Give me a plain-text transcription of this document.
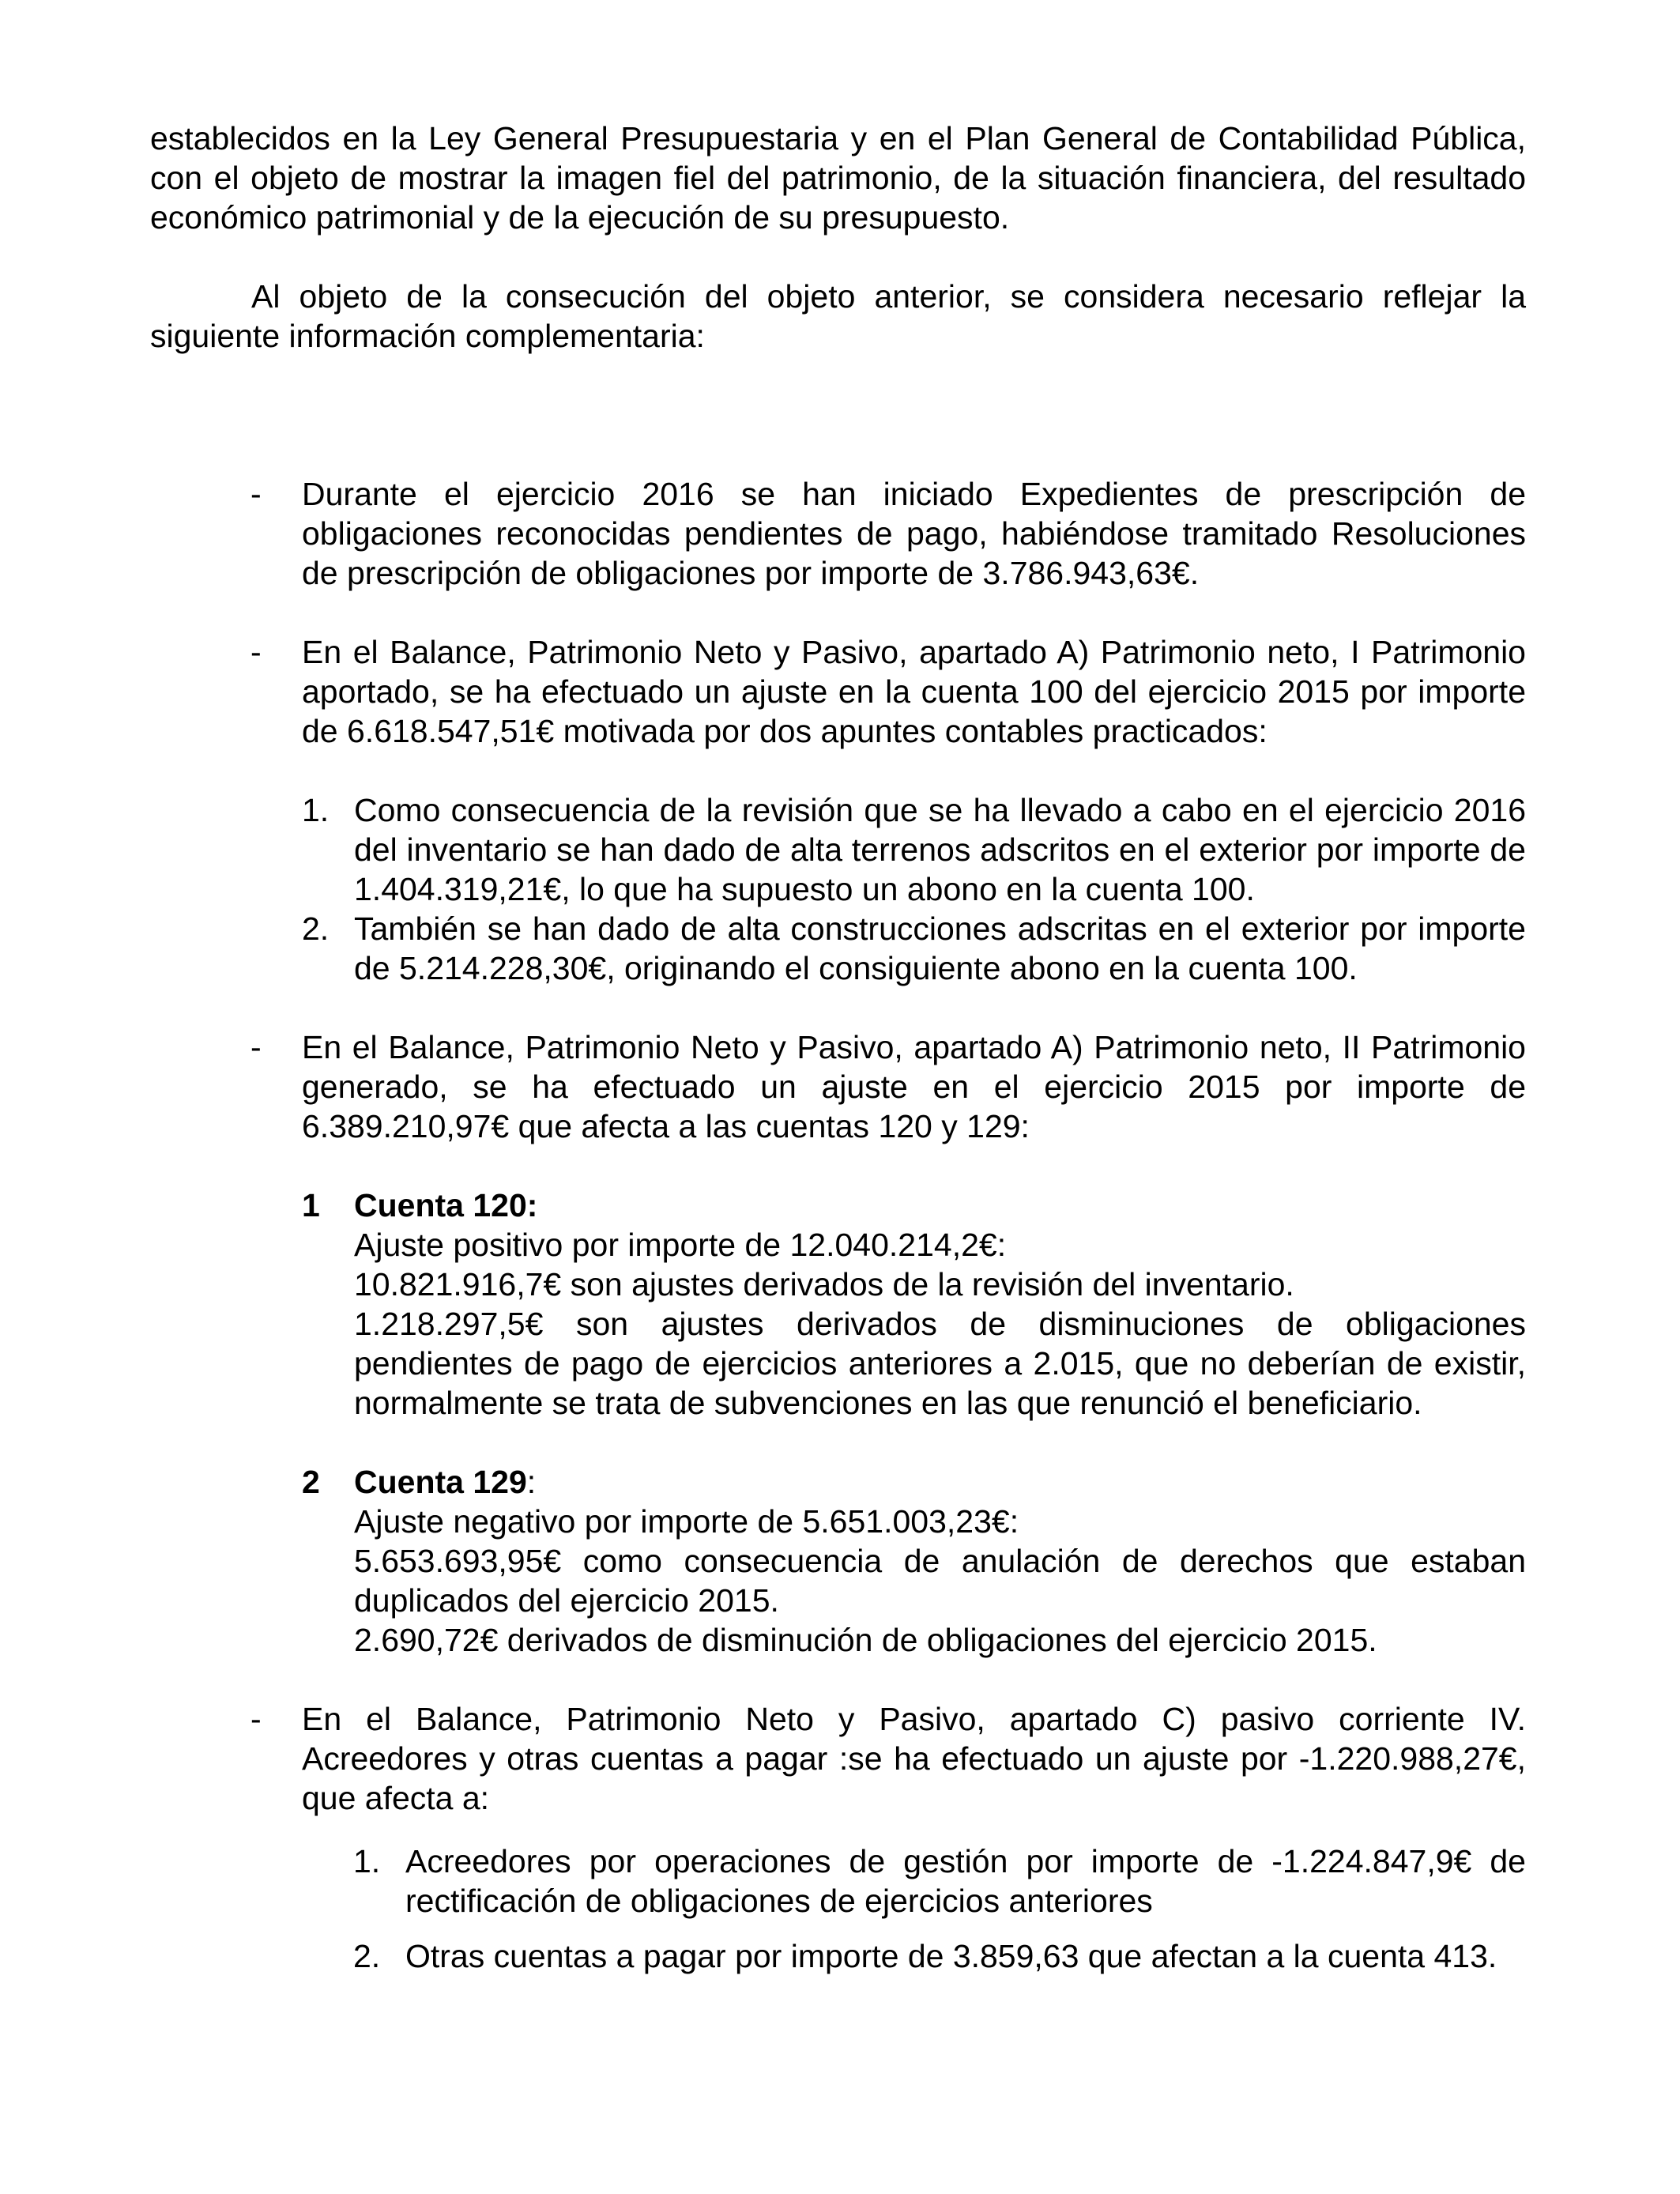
establecidos en la Ley General Presupuestaria y en el Plan General de Contabilidad Pública, con el objeto de mostrar la imagen fiel del patrimonio, de la situación financiera, del resultado económico patrimonial y de la ejecución de su presupuesto.

Al objeto de la consecución del objeto anterior, se considera necesario reflejar la siguiente información complementaria:

- Durante el ejercicio 2016 se han iniciado Expedientes de prescripción de obligaciones reconocidas pendientes de pago, habiéndose tramitado Resoluciones de prescripción de obligaciones por importe de 3.786.943,63€.

- En el Balance, Patrimonio Neto y Pasivo, apartado A) Patrimonio neto, I Patrimonio aportado, se ha efectuado un ajuste en la cuenta 100 del ejercicio 2015 por importe de 6.618.547,51€ motivada por dos apuntes contables practicados:

1. Como consecuencia de la revisión que se ha llevado a cabo en el ejercicio 2016 del inventario se han dado de alta terrenos adscritos en el exterior por importe de 1.404.319,21€, lo que ha supuesto un abono en la cuenta 100.

2. También se han dado de alta construcciones adscritas en el exterior por importe de 5.214.228,30€, originando el consiguiente abono en la cuenta 100.

- En el Balance, Patrimonio Neto y Pasivo, apartado A) Patrimonio neto, II Patrimonio generado, se ha efectuado un ajuste en el ejercicio 2015 por importe de 6.389.210,97€ que afecta a las cuentas 120 y 129:

1 Cuenta 120:

Ajuste positivo por importe de 12.040.214,2€:

10.821.916,7€ son ajustes derivados de la revisión del inventario.

1.218.297,5€ son ajustes derivados de disminuciones de obligaciones pendientes de pago de ejercicios anteriores a 2.015, que no deberían de existir, normalmente se trata de subvenciones en las que renunció el beneficiario.

2 Cuenta 129:

Ajuste negativo por importe de 5.651.003,23€:

5.653.693,95€ como consecuencia de anulación de derechos que estaban duplicados del ejercicio 2015.

2.690,72€ derivados de disminución de obligaciones del ejercicio 2015.

- En el Balance, Patrimonio Neto y Pasivo, apartado C) pasivo corriente IV. Acreedores y otras cuentas a pagar :se ha efectuado un ajuste por -1.220.988,27€, que afecta a:

1. Acreedores por operaciones de gestión por importe de -1.224.847,9€ de rectificación de obligaciones de ejercicios anteriores

2. Otras cuentas a pagar por importe de 3.859,63 que afectan a la cuenta 413.
